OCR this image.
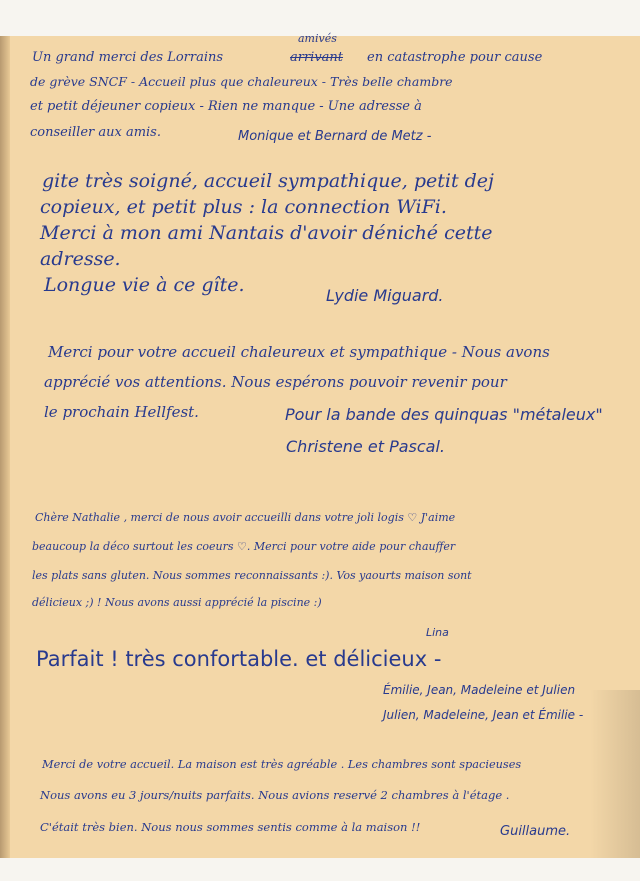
Un grand merci des Lorrains
amivés
arrivant en catastrophe pour cause
de grève SNCF - Accueil plus que chaleureux - Très belle chambre
et petit déjeuner copieux - Rien ne manque - Une adresse à
conseiller aux amis.	Monique et Bernard de Metz -
gite très soigné, accueil sympathique, petit dej
copieux, et petit plus : la connection WiFi.
Merci à mon ami Nantais d'avoir déniché cette
adresse.
Longue vie à ce gîte.	Lydie Miguard.
Merci pour votre accueil chaleureux et sympathique - Nous avons
apprécié vos attentions. Nous espérons pouvoir revenir pour
le prochain Hellfest.	Pour la bande des quinquas "métaleux"
Christene et Pascal.
Chère Nathalie , merci de nous avoir accueilli dans votre joli logis ♡ J'aime
beaucoup la déco surtout les coeurs ♡. Merci pour votre aide pour chauffer
les plats sans gluten. Nous sommes reconnaissants :). Vos yaourts maison sont
délicieux ;) ! Nous avons aussi apprécié la piscine :)
Lina
Parfait ! très confortable. et délicieux -
Émilie, Jean, Madeleine et Julien
Julien, Madeleine, Jean et Émilie -
Merci de votre accueil. La maison est très agréable . Les chambres sont spacieuses
Nous avons eu 3 jours/nuits parfaits. Nous avions reservé 2 chambres à l'étage .
C'était très bien. Nous nous sommes sentis comme à la maison !!	Guillaume.
